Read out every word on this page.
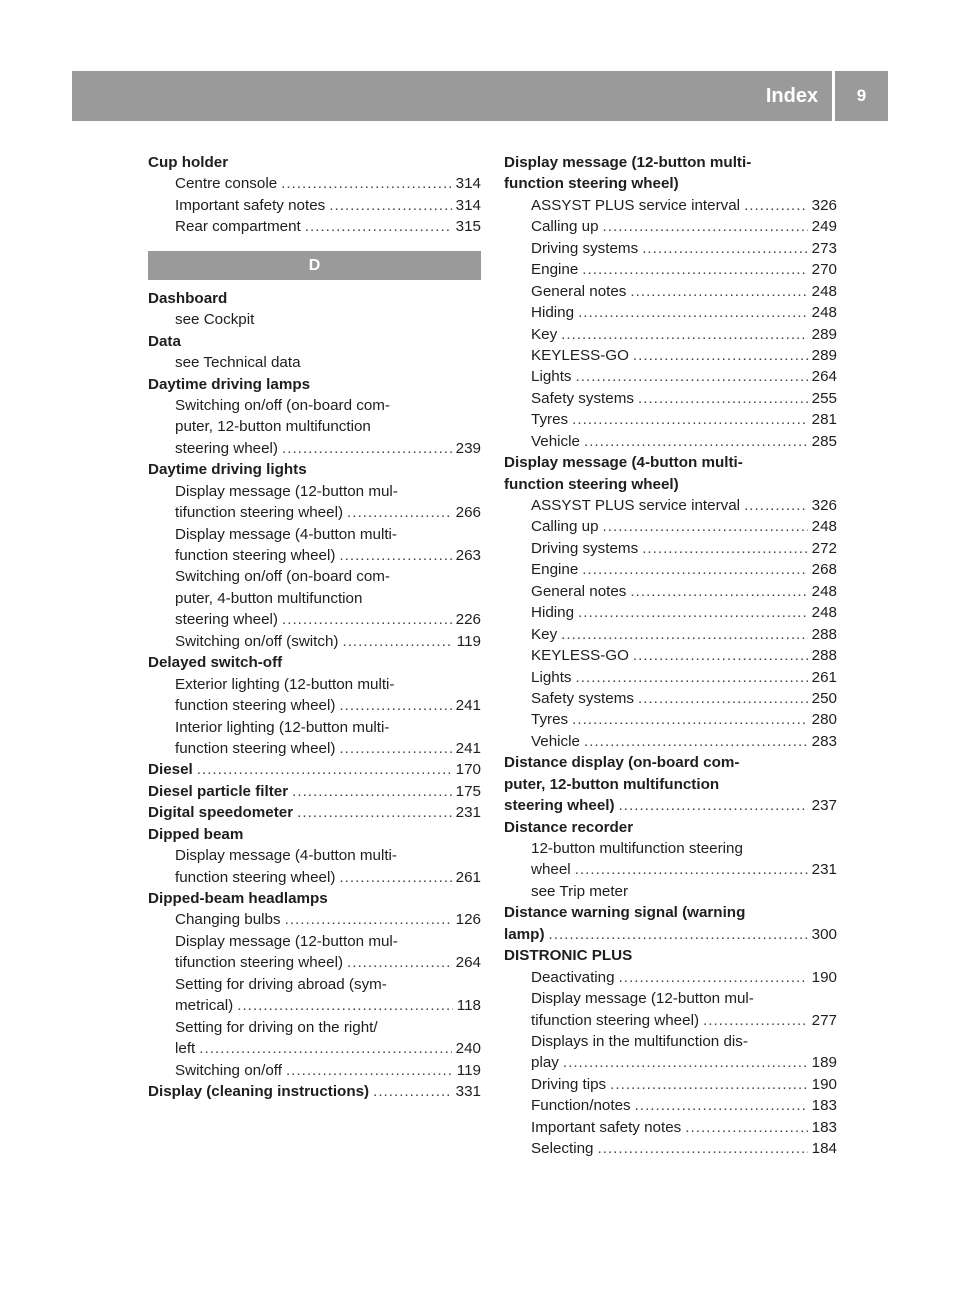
Index	9
Cup holder
Centre console .....	314
Important safety notes .....	314
Rear compartment .....	315
D
Dashboard
see Cockpit
Data
see Technical data
Daytime driving lamps
Switching on/off (on-board com-
puter, 12-button multifunction
steering wheel) .....	239
Daytime driving lights
Display message (12-button mul-
tifunction steering wheel) .....	266
Display message (4-button multi-
function steering wheel) .....	263
Switching on/off (on-board com-
puter, 4-button multifunction
steering wheel) .....	226
Switching on/off (switch) .....	119
Delayed switch-off
Exterior lighting (12-button multi-
function steering wheel) .....	241
Interior lighting (12-button multi-
function steering wheel) .....	241
Diesel .....	170
Diesel particle filter .....	175
Digital speedometer .....	231
Dipped beam
Display message (4-button multi-
function steering wheel) .....	261
Dipped-beam headlamps
Changing bulbs .....	126
Display message (12-button mul-
tifunction steering wheel) .....	264
Setting for driving abroad (sym-
metrical) .....	118
Setting for driving on the right/
left .....	240
Switching on/off .....	119
Display (cleaning instructions) .....	331
Display message (12-button multi-
function steering wheel)
ASSYST PLUS service interval .....	326
Calling up .....	249
Driving systems .....	273
Engine .....	270
General notes .....	248
Hiding .....	248
Key .....	289
KEYLESS-GO .....	289
Lights .....	264
Safety systems .....	255
Tyres .....	281
Vehicle .....	285
Display message (4-button multi-
function steering wheel)
ASSYST PLUS service interval .....	326
Calling up .....	248
Driving systems .....	272
Engine .....	268
General notes .....	248
Hiding .....	248
Key .....	288
KEYLESS-GO .....	288
Lights .....	261
Safety systems .....	250
Tyres .....	280
Vehicle .....	283
Distance display (on-board com-
puter, 12-button multifunction
steering wheel) .....	237
Distance recorder
12-button multifunction steering
wheel .....	231
see Trip meter
Distance warning signal (warning
lamp) .....	300
DISTRONIC PLUS
Deactivating .....	190
Display message (12-button mul-
tifunction steering wheel) .....	277
Displays in the multifunction dis-
play .....	189
Driving tips .....	190
Function/notes .....	183
Important safety notes .....	183
Selecting .....	184
